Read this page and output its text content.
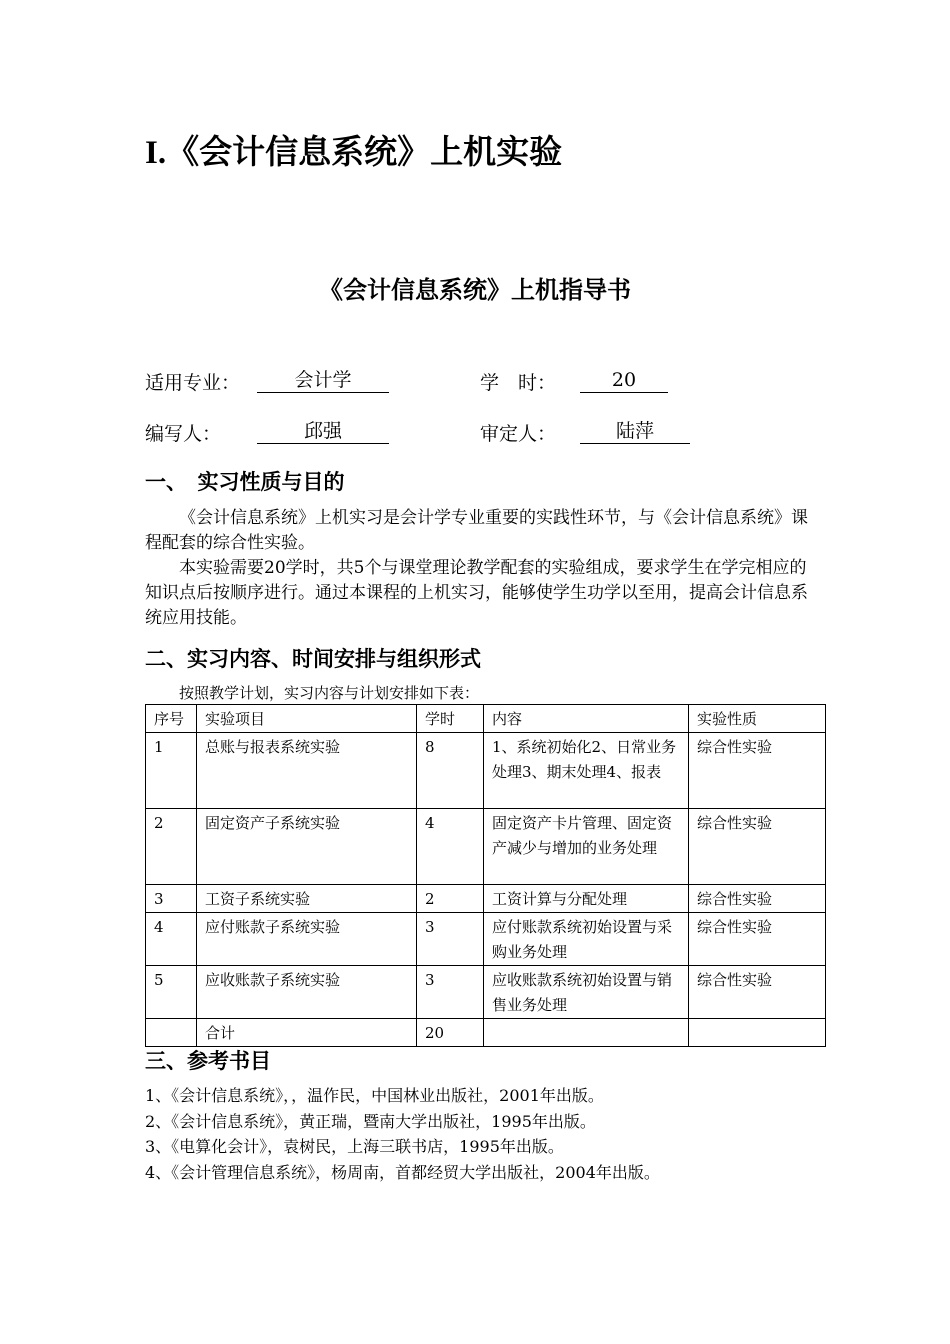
I.《会计信息系统》上机实验
《会计信息系统》上机指导书
适用专业：	会计学	学　时：	20
编写人：	邱强	审定人：	陆萍
一、　实习性质与目的
《会计信息系统》上机实习是会计学专业重要的实践性环节，与《会计信息系统》课程配套的综合性实验。
本实验需要20学时，共5个与课堂理论教学配套的实验组成，要求学生在学完相应的知识点后按顺序进行。通过本课程的上机实习，能够使学生功学以至用，提高会计信息系统应用技能。
二、实习内容、时间安排与组织形式
按照教学计划，实习内容与计划安排如下表：
序号	实验项目	学时	内容	实验性质
1	总账与报表系统实验	8	1、系统初始化2、日常业务处理3、期末处理4、报表	综合性实验
2	固定资产子系统实验	4	固定资产卡片管理、固定资产减少与增加的业务处理	综合性实验
3	工资子系统实验	2	工资计算与分配处理	综合性实验
4	应付账款子系统实验	3	应付账款系统初始设置与采购业务处理	综合性实验
5	应收账款子系统实验	3	应收账款系统初始设置与销售业务处理	综合性实验
	合计	20		
三、参考书目
1、《会计信息系统》，，温作民，中国林业出版社，2001年出版。
2、《会计信息系统》，黄正瑞，暨南大学出版社，1995年出版。
3、《电算化会计》，袁树民，上海三联书店，1995年出版。
4、《会计管理信息系统》，杨周南，首都经贸大学出版社，2004年出版。
